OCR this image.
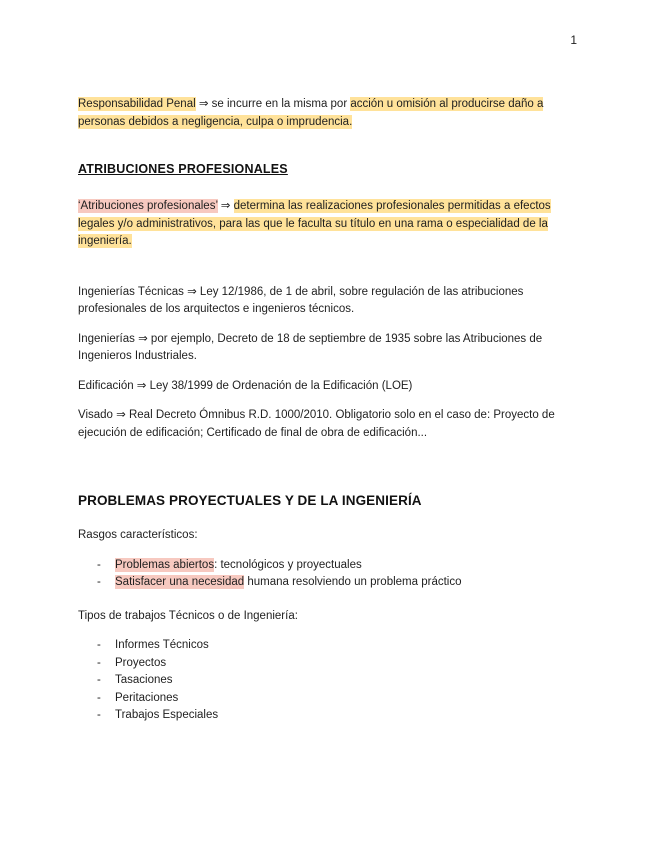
1

Responsabilidad Penal ⇒ se incurre en la misma por acción u omisión al producirse daño a personas debidos a negligencia, culpa o imprudencia.

ATRIBUCIONES PROFESIONALES

‘Atribuciones profesionales’ ⇒ determina las realizaciones profesionales permitidas a efectos legales y/o administrativos, para las que le faculta su título en una rama o especialidad de la ingeniería.

Ingenierías Técnicas ⇒ Ley 12/1986, de 1 de abril, sobre regulación de las atribuciones profesionales de los arquitectos e ingenieros técnicos.

Ingenierías ⇒ por ejemplo, Decreto de 18 de septiembre de 1935 sobre las Atribuciones de Ingenieros Industriales.

Edificación ⇒ Ley 38/1999 de Ordenación de la Edificación (LOE)

Visado ⇒ Real Decreto Ómnibus R.D. 1000/2010. Obligatorio solo en el caso de: Proyecto de ejecución de edificación; Certificado de final de obra de edificación...

PROBLEMAS PROYECTUALES Y DE LA INGENIERÍA

Rasgos característicos:

-	Problemas abiertos: tecnológicos y proyectuales
-	Satisfacer una necesidad humana resolviendo un problema práctico

Tipos de trabajos Técnicos o de Ingeniería:

-	Informes Técnicos
-	Proyectos
-	Tasaciones
-	Peritaciones
-	Trabajos Especiales
